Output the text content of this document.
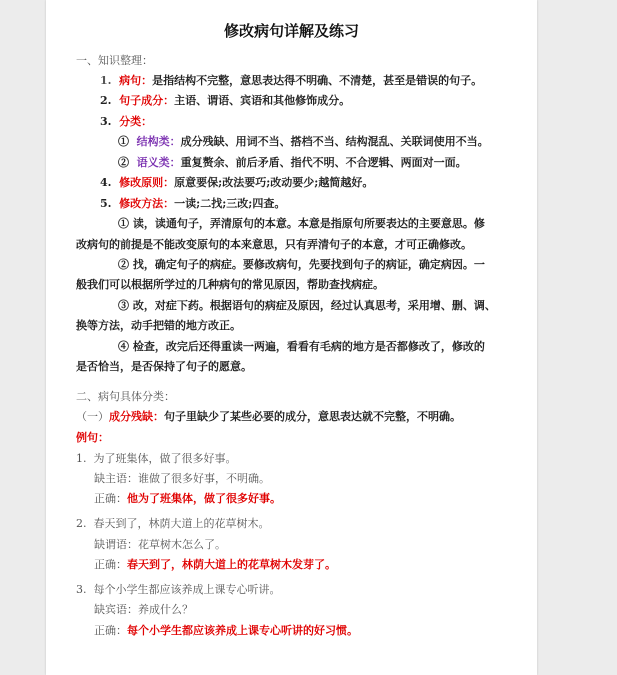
修改病句详解及练习
一、知识整理：
1. 病句：是指结构不完整，意思表达得不明确、不清楚，甚至是错误的句子。
2. 句子成分：主语、谓语、宾语和其他修饰成分。
3. 分类：
① 结构类：成分残缺、用词不当、搭档不当、结构混乱、关联词使用不当。
② 语义类：重复赘余、前后矛盾、指代不明、不合逻辑、两面对一面。
4. 修改原则：原意要保;改法要巧;改动要少;越简越好。
5. 修改方法：一读;二找;三改;四查。
① 读，读通句子，弄清原句的本意。本意是指原句所要表达的主要意思。修
改病句的前提是不能改变原句的本来意思，只有弄清句子的本意，才可正确修改。
② 找，确定句子的病症。要修改病句，先要找到句子的病证，确定病因。一
般我们可以根据所学过的几种病句的常见原因，帮助查找病症。
③ 改，对症下药。根据语句的病症及原因，经过认真思考，采用增、删、调、
换等方法，动手把错的地方改正。
④ 检查，改完后还得重读一两遍，看看有毛病的地方是否都修改了，修改的
是否恰当，是否保持了句子的愿意。
二、病句具体分类：
（一）成分残缺：句子里缺少了某些必要的成分，意思表达就不完整，不明确。
例句：
1. 为了班集体，做了很多好事。
缺主语：谁做了很多好事，不明确。
正确：他为了班集体，做了很多好事。
2. 春天到了，林荫大道上的花草树木。
缺谓语：花草树木怎么了。
正确：春天到了，林荫大道上的花草树木发芽了。
3. 每个小学生都应该养成上课专心听讲。
缺宾语：养成什么？
正确：每个小学生都应该养成上课专心听讲的好习惯。
